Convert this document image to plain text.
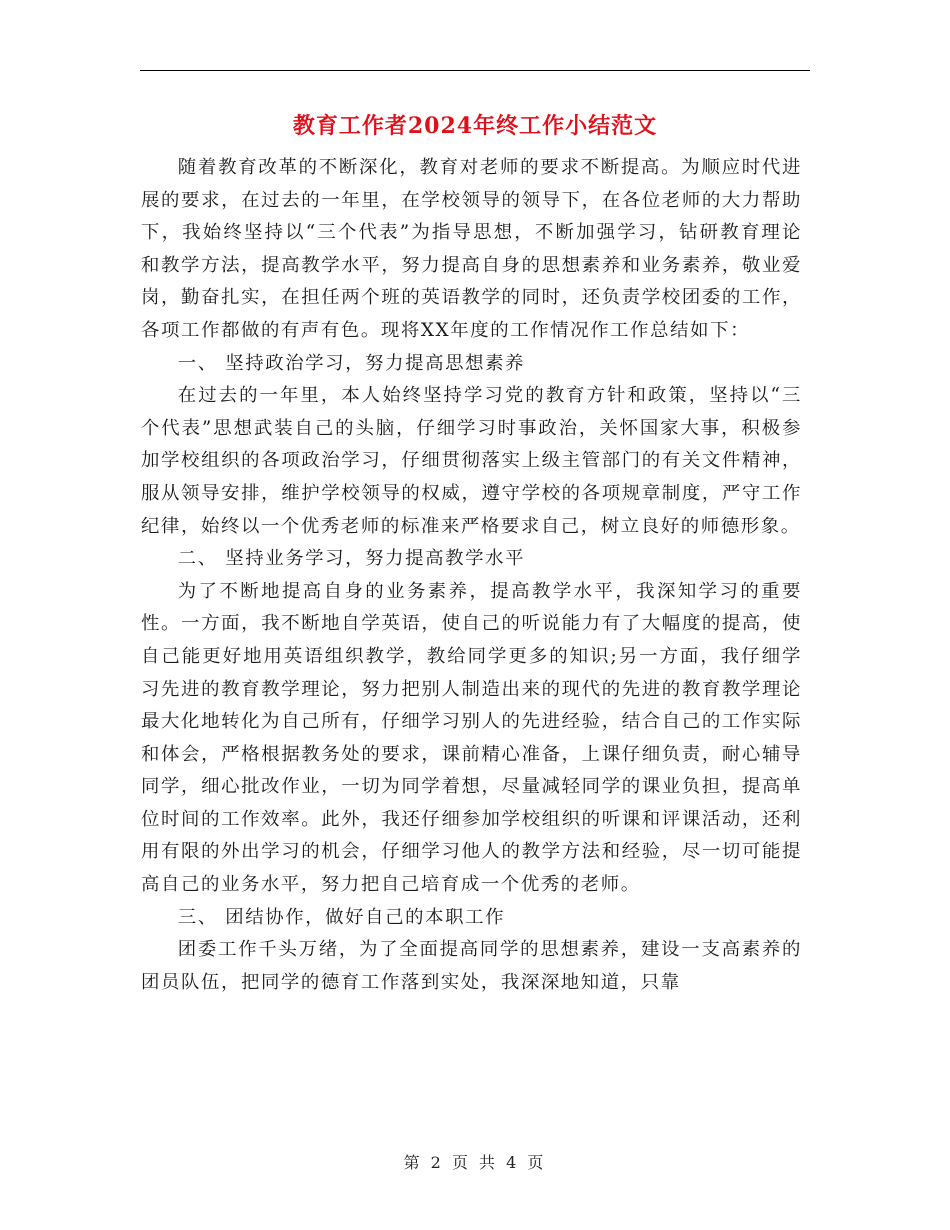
教育工作者2024年终工作小结范文

随着教育改革的不断深化，教育对老师的要求不断提高。为顺应时代进展的要求，在过去的一年里，在学校领导的领导下，在各位老师的大力帮助下，我始终坚持以“三个代表”为指导思想，不断加强学习，钻研教育理论和教学方法，提高教学水平，努力提高自身的思想素养和业务素养，敬业爱岗，勤奋扎实，在担任两个班的英语教学的同时，还负责学校团委的工作，各项工作都做的有声有色。现将XX年度的工作情况作工作总结如下：

一、 坚持政治学习，努力提高思想素养

在过去的一年里，本人始终坚持学习党的教育方针和政策，坚持以“三个代表”思想武装自己的头脑，仔细学习时事政治，关怀国家大事，积极参加学校组织的各项政治学习，仔细贯彻落实上级主管部门的有关文件精神，服从领导安排，维护学校领导的权威，遵守学校的各项规章制度，严守工作纪律，始终以一个优秀老师的标准来严格要求自己，树立良好的师德形象。

二、 坚持业务学习，努力提高教学水平

为了不断地提高自身的业务素养，提高教学水平，我深知学习的重要性。一方面，我不断地自学英语，使自己的听说能力有了大幅度的提高，使自己能更好地用英语组织教学，教给同学更多的知识;另一方面，我仔细学习先进的教育教学理论，努力把别人制造出来的现代的先进的教育教学理论最大化地转化为自己所有，仔细学习别人的先进经验，结合自己的工作实际和体会，严格根据教务处的要求，课前精心准备，上课仔细负责，耐心辅导同学，细心批改作业，一切为同学着想，尽量减轻同学的课业负担，提高单位时间的工作效率。此外，我还仔细参加学校组织的听课和评课活动，还利用有限的外出学习的机会，仔细学习他人的教学方法和经验，尽一切可能提高自己的业务水平，努力把自己培育成一个优秀的老师。

三、 团结协作，做好自己的本职工作

团委工作千头万绪，为了全面提高同学的思想素养，建设一支高素养的团员队伍，把同学的德育工作落到实处，我深深地知道，只靠

第 2 页 共 4 页
